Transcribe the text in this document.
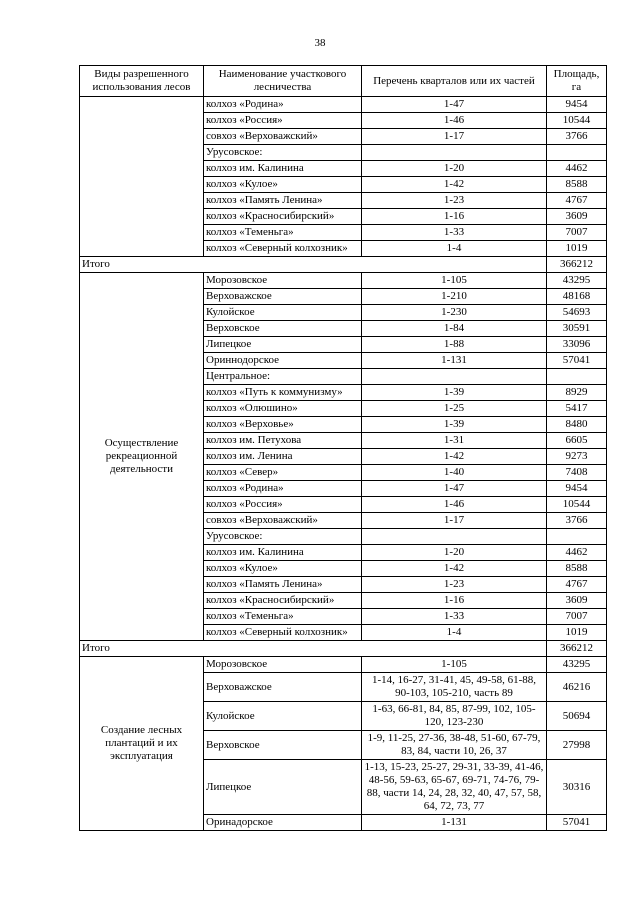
38
Виды разрешенного использования лесов	Наименование участкового лесничества	Перечень кварталов или их частей	Площадь, га
	колхоз «Родина»	1-47	9454
	колхоз «Россия»	1-46	10544
	совхоз «Верховажский»	1-17	3766
	Урусовское:		
	колхоз им. Калинина	1-20	4462
	колхоз «Кулое»	1-42	8588
	колхоз «Память Ленина»	1-23	4767
	колхоз «Красносибирский»	1-16	3609
	колхоз «Теменьга»	1-33	7007
	колхоз «Северный колхозник»	1-4	1019
Итого			366212
Осуществление рекреационной деятельности	Морозовское	1-105	43295
	Верховажское	1-210	48168
	Кулойское	1-230	54693
	Верховское	1-84	30591
	Липецкое	1-88	33096
	Ориннодорское	1-131	57041
	Центральное:		
	колхоз «Путь к коммунизму»	1-39	8929
	колхоз «Олюшино»	1-25	5417
	колхоз «Верховье»	1-39	8480
	колхоз им. Петухова	1-31	6605
	колхоз им. Ленина	1-42	9273
	колхоз «Север»	1-40	7408
	колхоз «Родина»	1-47	9454
	колхоз «Россия»	1-46	10544
	совхоз «Верховажский»	1-17	3766
	Урусовское:		
	колхоз им. Калинина	1-20	4462
	колхоз «Кулое»	1-42	8588
	колхоз «Память Ленина»	1-23	4767
	колхоз «Красносибирский»	1-16	3609
	колхоз «Теменьга»	1-33	7007
	колхоз «Северный колхозник»	1-4	1019
Итого			366212
Создание лесных плантаций и их эксплуатация	Морозовское	1-105	43295
	Верховажское	1-14, 16-27, 31-41, 45, 49-58, 61-88, 90-103, 105-210, часть 89	46216
	Кулойское	1-63, 66-81, 84, 85, 87-99, 102, 105-120, 123-230	50694
	Верховское	1-9, 11-25, 27-36, 38-48, 51-60, 67-79, 83, 84, части 10, 26, 37	27998
	Липецкое	1-13, 15-23, 25-27, 29-31, 33-39, 41-46, 48-56, 59-63, 65-67, 69-71, 74-76, 79-88, части 14, 24, 28, 32, 40, 47, 57, 58, 64, 72, 73, 77	30316
	Оринадорское	1-131	57041
